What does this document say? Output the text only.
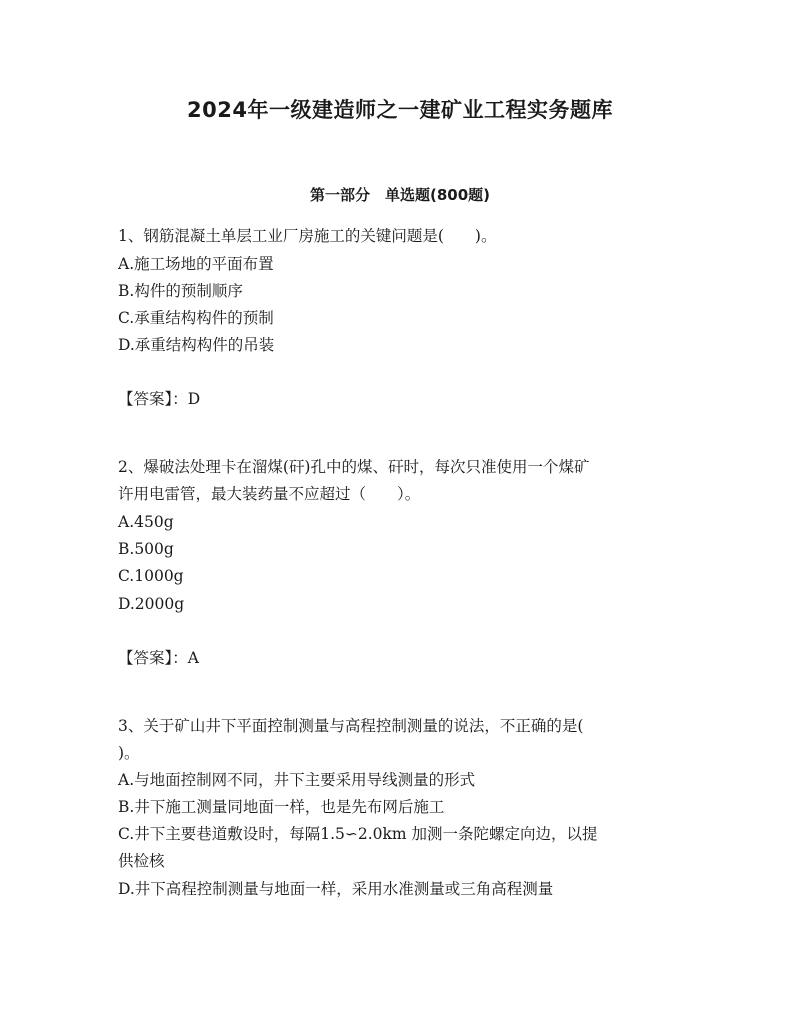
2024年一级建造师之一建矿业工程实务题库
第一部分　单选题(800题)
1、钢筋混凝土单层工业厂房施工的关键问题是(　　)。
A.施工场地的平面布置
B.构件的预制顺序
C.承重结构构件的预制
D.承重结构构件的吊装
【答案】：D
2、爆破法处理卡在溜煤(矸)孔中的煤、矸时，每次只准使用一个煤矿
许用电雷管，最大装药量不应超过（　　）。
A.450g
B.500g
C.1000g
D.2000g
【答案】：A
3、关于矿山井下平面控制测量与高程控制测量的说法，不正确的是(
)。
A.与地面控制网不同，井下主要采用导线测量的形式
B.井下施工测量同地面一样，也是先布网后施工
C.井下主要巷道敷设时，每隔1.5∽2.0km 加测一条陀螺定向边，以提
供检核
D.井下高程控制测量与地面一样，采用水准测量或三角高程测量
